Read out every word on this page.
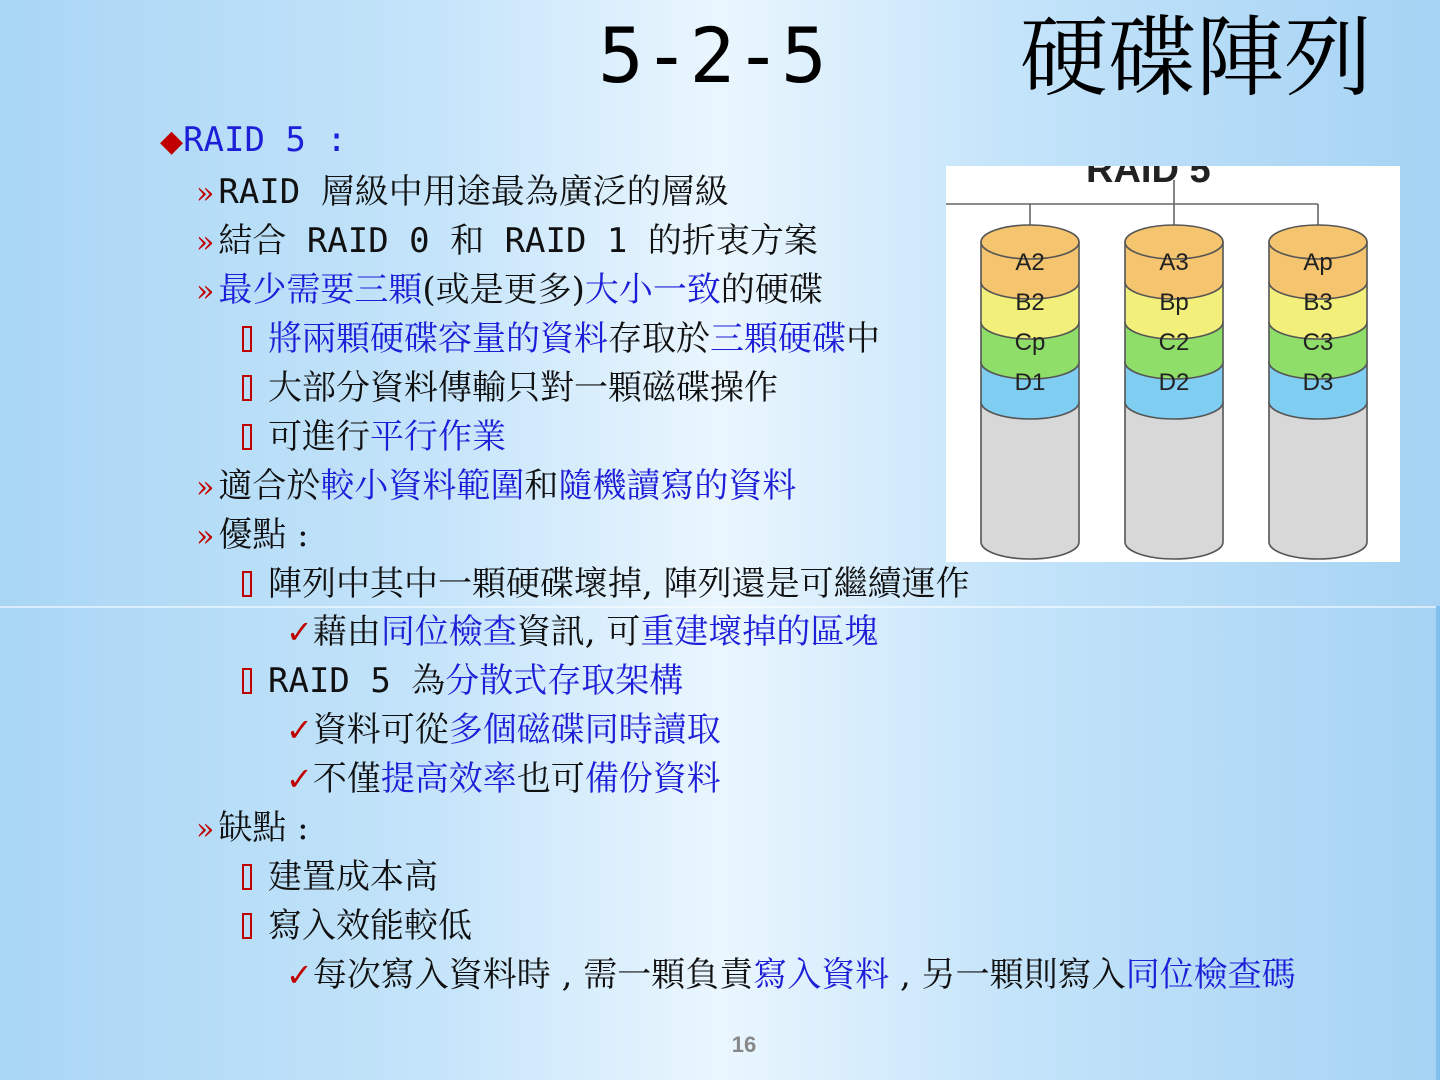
5-2-5 硬碟陣列
◆RAID 5 :
» RAID 層級中用途最為廣泛的層級
» 結合 RAID 0 和 RAID 1 的折衷方案
» 最少需要三顆(或是更多)大小一致的硬碟
將兩顆硬碟容量的資料存取於三顆硬碟中
大部分資料傳輸只對一顆磁碟操作
可進行平行作業
» 適合於較小資料範圍和隨機讀寫的資料
» 優點 :
陣列中其中一顆硬碟壞掉, 陣列還是可繼續運作
✓藉由同位檢查資訊, 可重建壞掉的區塊
RAID 5 為分散式存取架構
✓資料可從多個磁碟同時讀取
✓不僅提高效率也可備份資料
» 缺點 :
建置成本高
寫入效能較低
✓每次寫入資料時 , 需一顆負責寫入資料 , 另一顆則寫入同位檢查碼
RAID 5
A2
B2
Cp
D1
A3
Bp
C2
D2
Ap
B3
C3
D3
16
